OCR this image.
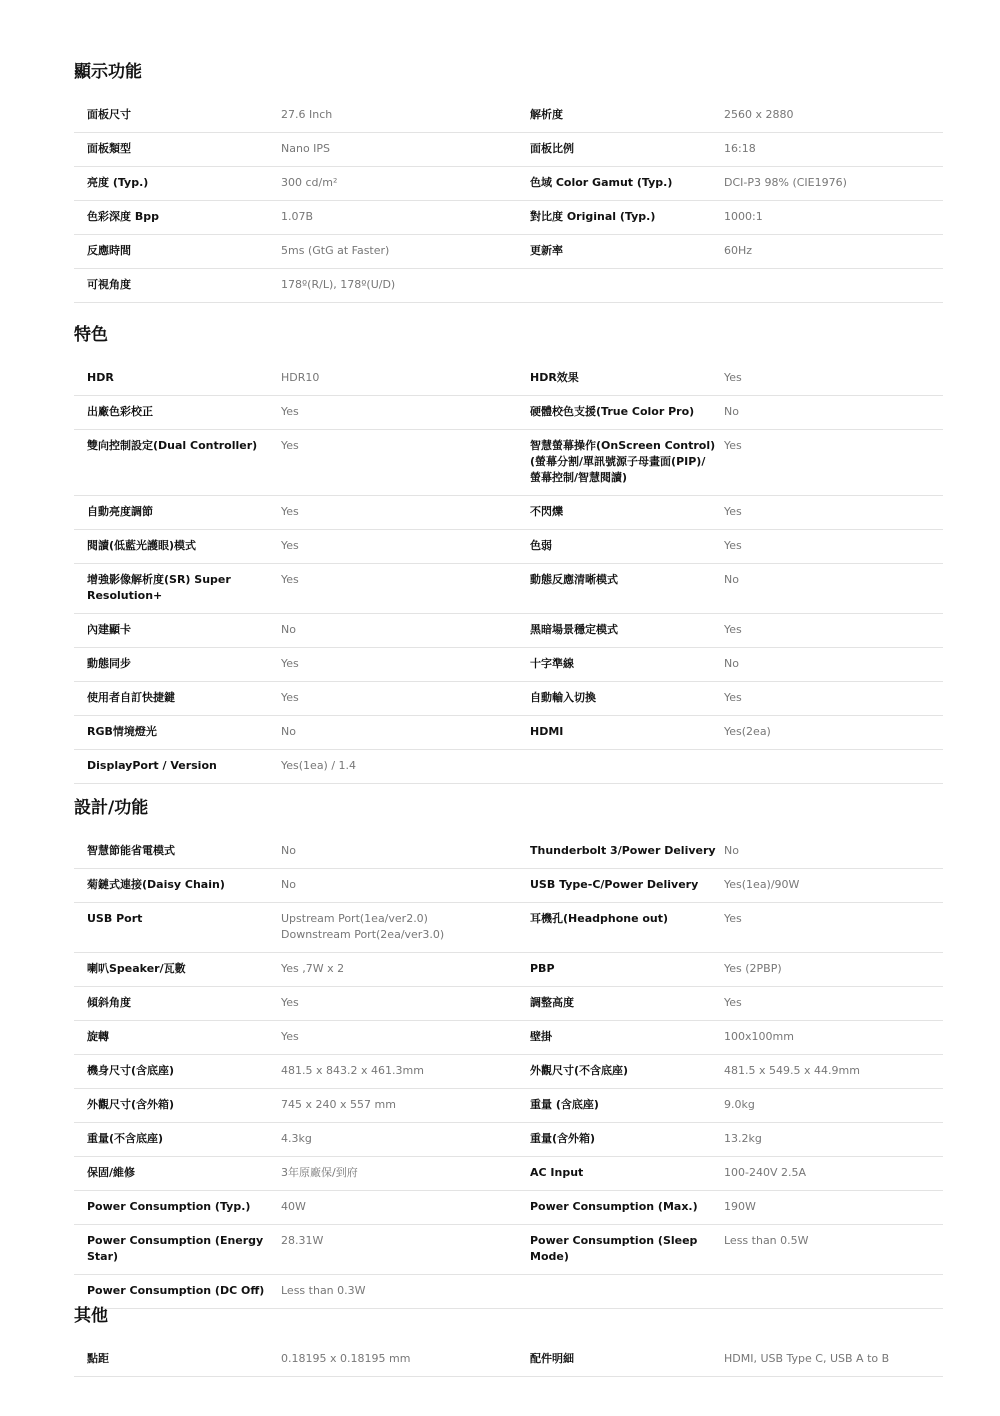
顯示功能
面板尺寸	27.6 Inch	解析度	2560 x 2880
面板類型	Nano IPS	面板比例	16:18
亮度 (Typ.)	300 cd/m²	色域 Color Gamut (Typ.)	DCI-P3 98% (CIE1976)
色彩深度 Bpp	1.07B	對比度 Original (Typ.)	1000:1
反應時間	5ms (GtG at Faster)	更新率	60Hz
可視角度	178º(R/L), 178º(U/D)		
特色
HDR	HDR10	HDR效果	Yes
出廠色彩校正	Yes	硬體校色支援(True Color Pro)	No
雙向控制設定(Dual Controller)	Yes	智慧螢幕操作(OnScreen Control)
(螢幕分割/單訊號源子母畫面(PIP)/
螢幕控制/智慧閱讀)	Yes
自動亮度調節	Yes	不閃爍	Yes
閱讀(低藍光護眼)模式	Yes	色弱	Yes
增強影像解析度(SR) Super
Resolution+	Yes	動態反應清晰模式	No
內建顯卡	No	黑暗場景穩定模式	Yes
動態同步	Yes	十字準線	No
使用者自訂快捷鍵	Yes	自動輸入切換	Yes
RGB情境燈光	No	HDMI	Yes(2ea)
DisplayPort / Version	Yes(1ea) / 1.4		
設計/功能
智慧節能省電模式	No	Thunderbolt 3/Power Delivery	No
菊鏈式連接(Daisy Chain)	No	USB Type-C/Power Delivery	Yes(1ea)/90W
USB Port	Upstream Port(1ea/ver2.0)
Downstream Port(2ea/ver3.0)	耳機孔(Headphone out)	Yes
喇叭Speaker/瓦數	Yes ,7W x 2	PBP	Yes (2PBP)
傾斜角度	Yes	調整高度	Yes
旋轉	Yes	壁掛	100x100mm
機身尺寸(含底座)	481.5 x 843.2 x 461.3mm	外觀尺寸(不含底座)	481.5 x 549.5 x 44.9mm
外觀尺寸(含外箱)	745 x 240 x 557 mm	重量 (含底座)	9.0kg
重量(不含底座)	4.3kg	重量(含外箱)	13.2kg
保固/維修	3年原廠保/到府	AC Input	100-240V 2.5A
Power Consumption (Typ.)	40W	Power Consumption (Max.)	190W
Power Consumption (Energy Star)	28.31W	Power Consumption (Sleep Mode)	Less than 0.5W
Power Consumption (DC Off)	Less than 0.3W		
其他
點距	0.18195 x 0.18195 mm	配件明細	HDMI, USB Type C, USB A to B
